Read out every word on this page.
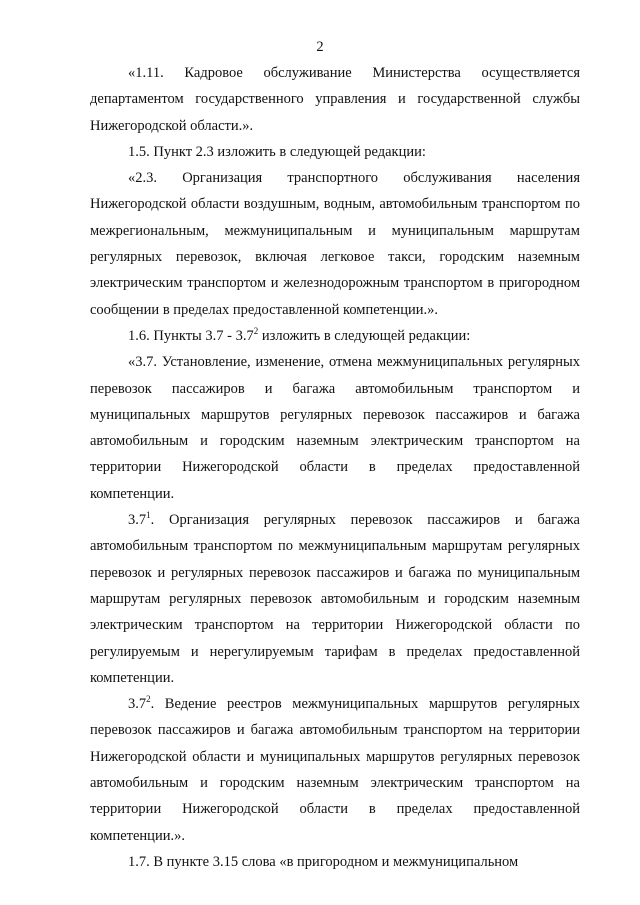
2

«1.11. Кадровое обслуживание Министерства осуществляется департаментом государственного управления и государственной службы Нижегородской области.».

1.5. Пункт 2.3 изложить в следующей редакции:

«2.3. Организация транспортного обслуживания населения Нижегородской области воздушным, водным, автомобильным транспортом по межрегиональным, межмуниципальным и муниципальным маршрутам регулярных перевозок, включая легковое такси, городским наземным электрическим транспортом и железнодорожным транспортом в пригородном сообщении в пределах предоставленной компетенции.».

1.6. Пункты $3.7 - 3.7^2$ изложить в следующей редакции:

«3.7. Установление, изменение, отмена межмуниципальных регулярных перевозок пассажиров и багажа автомобильным транспортом и муниципальных маршрутов регулярных перевозок пассажиров и багажа автомобильным и городским наземным электрическим транспортом на территории Нижегородской области в пределах предоставленной компетенции.

$3.7^1$. Организация регулярных перевозок пассажиров и багажа автомобильным транспортом по межмуниципальным маршрутам регулярных перевозок и регулярных перевозок пассажиров и багажа по муниципальным маршрутам регулярных перевозок автомобильным и городским наземным электрическим транспортом на территории Нижегородской области по регулируемым и нерегулируемым тарифам в пределах предоставленной компетенции.

$3.7^2$. Ведение реестров межмуниципальных маршрутов регулярных перевозок пассажиров и багажа автомобильным транспортом на территории Нижегородской области и муниципальных маршрутов регулярных перевозок автомобильным и городским наземным электрическим транспортом на территории Нижегородской области в пределах предоставленной компетенции.».

1.7. В пункте 3.15 слова «в пригородном и межмуниципальном
